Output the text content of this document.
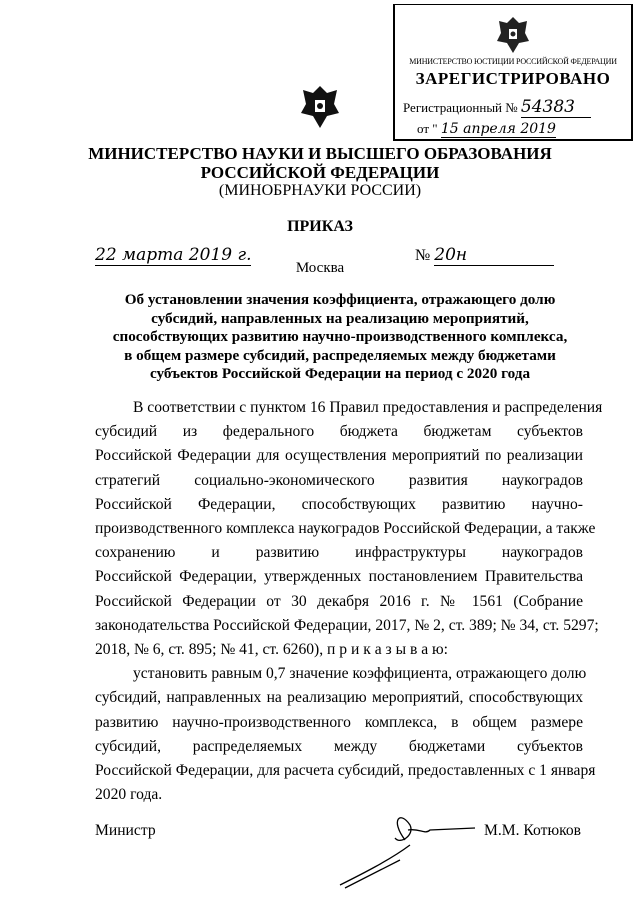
МИНИСТЕРСТВО ЮСТИЦИИ РОССИЙСКОЙ ФЕДЕРАЦИИ
ЗАРЕГИСТРИРОВАНО
Регистрационный № 54383
от " 15 апреля 2019
МИНИСТЕРСТВО НАУКИ И ВЫСШЕГО ОБРАЗОВАНИЯ
РОССИЙСКОЙ ФЕДЕРАЦИИ
(МИНОБРНАУКИ РОССИИ)
ПРИКАЗ
22 марта 2019 г.	№ 20н
Москва
Об установлении значения коэффициента, отражающего долю
субсидий, направленных на реализацию мероприятий,
способствующих развитию научно-производственного комплекса,
в общем размере субсидий, распределяемых между бюджетами
субъектов Российской Федерации на период с 2020 года
В соответствии с пунктом 16 Правил предоставления и распределения
субсидий из федерального бюджета бюджетам субъектов
Российской Федерации для осуществления мероприятий по реализации
стратегий социально-экономического развития наукоградов
Российской Федерации, способствующих развитию научно-
производственного комплекса наукоградов Российской Федерации, а также
сохранению и развитию инфраструктуры наукоградов
Российской Федерации, утвержденных постановлением Правительства
Российской Федерации от 30 декабря 2016 г. № 1561 (Собрание
законодательства Российской Федерации, 2017, № 2, ст. 389; № 34, ст. 5297;
2018, № 6, ст. 895; № 41, ст. 6260), п р и к а з ы в а ю:
установить равным 0,7 значение коэффициента, отражающего долю
субсидий, направленных на реализацию мероприятий, способствующих
развитию научно-производственного комплекса, в общем размере
субсидий, распределяемых между бюджетами субъектов
Российской Федерации, для расчета субсидий, предоставленных с 1 января
2020 года.
Министр	М.М. Котюков
